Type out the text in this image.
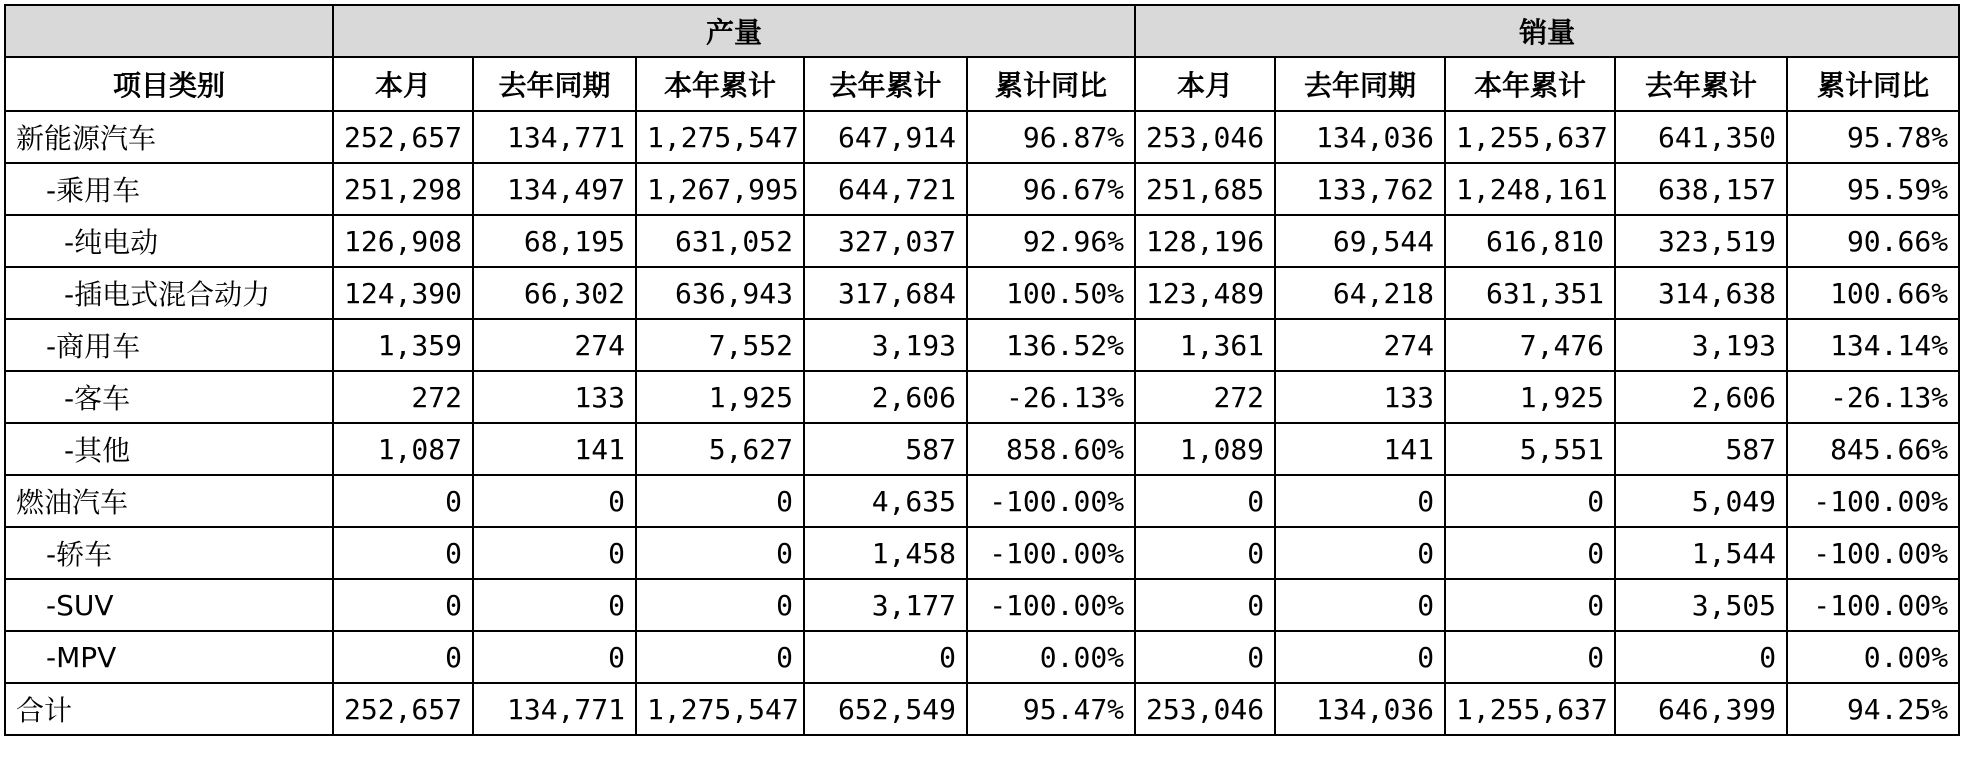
	产量					销量				
项目类别	本月	去年同期	本年累计	去年累计	累计同比	本月	去年同期	本年累计	去年累计	累计同比
新能源汽车	252,657	134,771	1,275,547	647,914	96.87%	253,046	134,036	1,255,637	641,350	95.78%
-乘用车	251,298	134,497	1,267,995	644,721	96.67%	251,685	133,762	1,248,161	638,157	95.59%
-纯电动	126,908	68,195	631,052	327,037	92.96%	128,196	69,544	616,810	323,519	90.66%
-插电式混合动力	124,390	66,302	636,943	317,684	100.50%	123,489	64,218	631,351	314,638	100.66%
-商用车	1,359	274	7,552	3,193	136.52%	1,361	274	7,476	3,193	134.14%
-客车	272	133	1,925	2,606	-26.13%	272	133	1,925	2,606	-26.13%
-其他	1,087	141	5,627	587	858.60%	1,089	141	5,551	587	845.66%
燃油汽车	0	0	0	4,635	-100.00%	0	0	0	5,049	-100.00%
-轿车	0	0	0	1,458	-100.00%	0	0	0	1,544	-100.00%
-SUV	0	0	0	3,177	-100.00%	0	0	0	3,505	-100.00%
-MPV	0	0	0	0	0.00%	0	0	0	0	0.00%
合计	252,657	134,771	1,275,547	652,549	95.47%	253,046	134,036	1,255,637	646,399	94.25%
